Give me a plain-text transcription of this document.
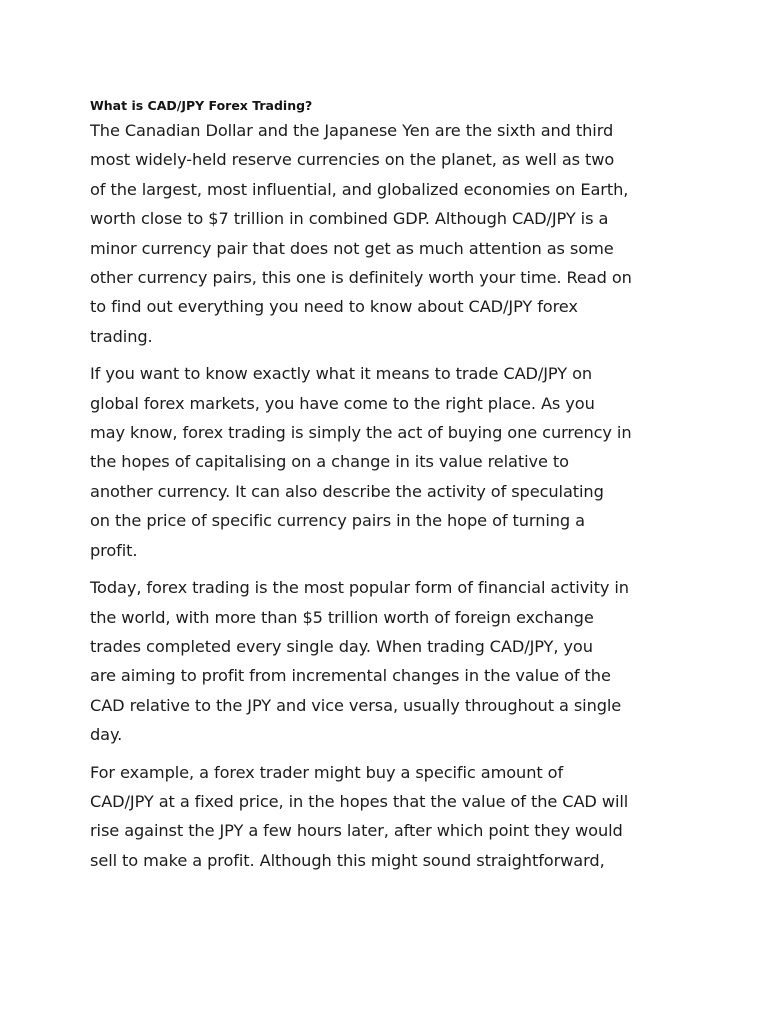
What is CAD/JPY Forex Trading?

The Canadian Dollar and the Japanese Yen are the sixth and third
most widely-held reserve currencies on the planet, as well as two
of the largest, most influential, and globalized economies on Earth,
worth close to $7 trillion in combined GDP. Although CAD/JPY is a
minor currency pair that does not get as much attention as some
other currency pairs, this one is definitely worth your time. Read on
to find out everything you need to know about CAD/JPY forex
trading.

If you want to know exactly what it means to trade CAD/JPY on
global forex markets, you have come to the right place. As you
may know, forex trading is simply the act of buying one currency in
the hopes of capitalising on a change in its value relative to
another currency. It can also describe the activity of speculating
on the price of specific currency pairs in the hope of turning a
profit.

Today, forex trading is the most popular form of financial activity in
the world, with more than $5 trillion worth of foreign exchange
trades completed every single day. When trading CAD/JPY, you
are aiming to profit from incremental changes in the value of the
CAD relative to the JPY and vice versa, usually throughout a single
day.

For example, a forex trader might buy a specific amount of
CAD/JPY at a fixed price, in the hopes that the value of the CAD will
rise against the JPY a few hours later, after which point they would
sell to make a profit. Although this might sound straightforward,
